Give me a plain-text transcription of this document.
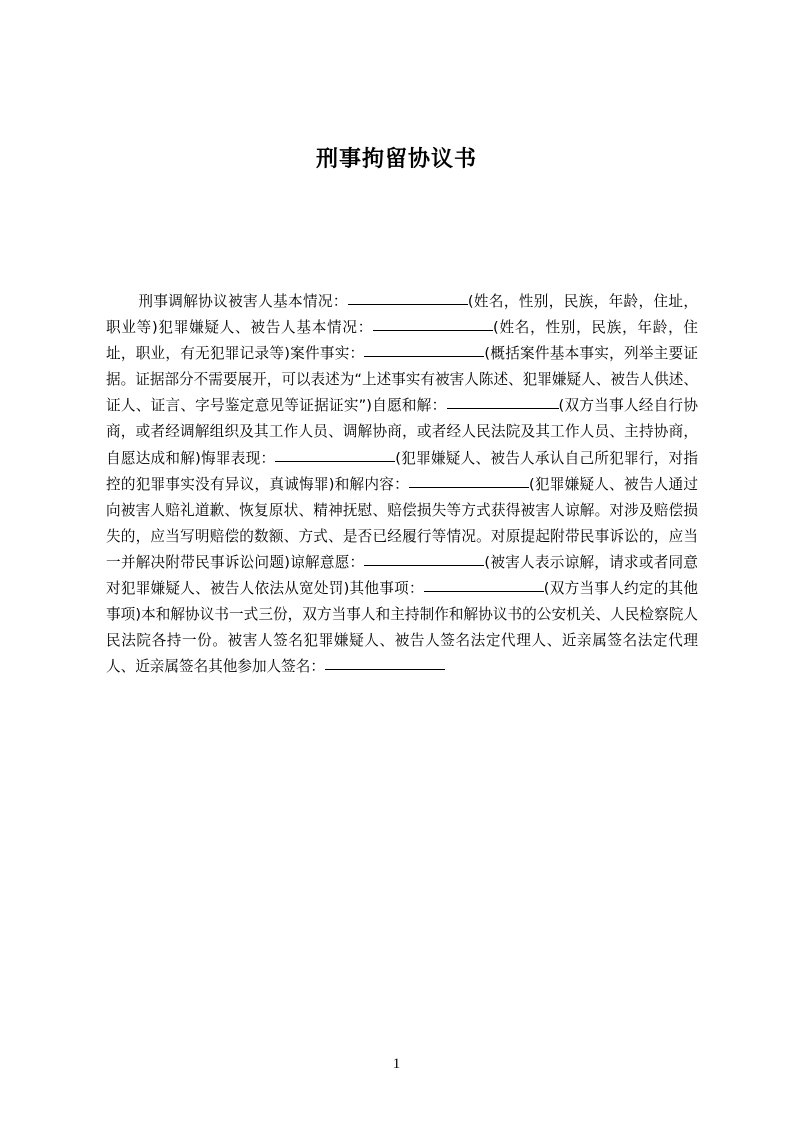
刑事拘留协议书
刑事调解协议被害人基本情况：	(姓名，性别，民族，年龄，住址，职业等)犯罪嫌疑人、被告人基本情况：	(姓名，性别，民族，年龄，住址，职业，有无犯罪记录等)案件事实：	(概括案件基本事实，列举主要证据。证据部分不需要展开，可以表述为“上述事实有被害人陈述、犯罪嫌疑人、被告人供述、证人、证言、字号鉴定意见等证据证实”)自愿和解：	(双方当事人经自行协商，或者经调解组织及其工作人员、调解协商，或者经人民法院及其工作人员、主持协商，自愿达成和解)悔罪表现：	(犯罪嫌疑人、被告人承认自己所犯罪行，对指控的犯罪事实没有异议，真诚悔罪)和解内容：	(犯罪嫌疑人、被告人通过向被害人赔礼道歉、恢复原状、精神抚慰、赔偿损失等方式获得被害人谅解。对涉及赔偿损失的，应当写明赔偿的数额、方式、是否已经履行等情况。对原提起附带民事诉讼的，应当一并解决附带民事诉讼问题)谅解意愿：	(被害人表示谅解，请求或者同意对犯罪嫌疑人、被告人依法从宽处罚)其他事项：	(双方当事人约定的其他事项)本和解协议书一式三份，双方当事人和主持制作和解协议书的公安机关、人民检察院人民法院各持一份。被害人签名犯罪嫌疑人、被告人签名法定代理人、近亲属签名法定代理人、近亲属签名其他参加人签名：
1
